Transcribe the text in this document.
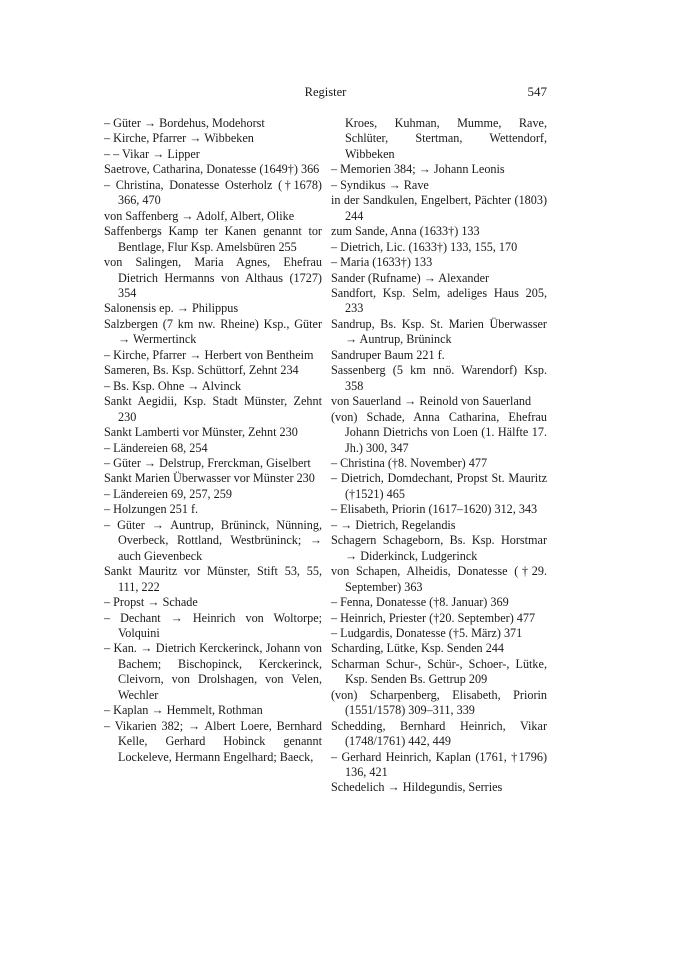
Register	547

– Güter → Bordehus, Modehorst

– Kirche, Pfarrer → Wibbeken

– – Vikar → Lipper

Saetrove, Catharina, Donatesse (1649†) 366

– Christina, Donatesse Osterholz (†1678) 366, 470

von Saffenberg → Adolf, Albert, Olike

Saffenbergs Kamp ter Kanen genannt tor Bentlage, Flur Ksp. Amelsbüren 255

von Salingen, Maria Agnes, Ehefrau Dietrich Hermanns von Althaus (1727) 354

Salonensis ep. → Philippus

Salzbergen (7 km nw. Rheine) Ksp., Güter → Wermertinck

– Kirche, Pfarrer → Herbert von Bentheim

Sameren, Bs. Ksp. Schüttorf, Zehnt 234

– Bs. Ksp. Ohne → Alvinck

Sankt Aegidii, Ksp. Stadt Münster, Zehnt 230

Sankt Lamberti vor Münster, Zehnt 230

– Ländereien 68, 254

– Güter → Delstrup, Frerckman, Giselbert

Sankt Marien Überwasser vor Münster 230

– Ländereien 69, 257, 259

– Holzungen 251 f.

– Güter → Auntrup, Brüninck, Nünning, Overbeck, Rottland, Westbrüninck; → auch Gievenbeck

Sankt Mauritz vor Münster, Stift 53, 55, 111, 222

– Propst → Schade

– Dechant → Heinrich von Woltorpe; Volquini

– Kan. → Dietrich Kerckerinck, Johann von Bachem; Bischopinck, Kerckerinck, Cleivorn, von Drolshagen, von Velen, Wechler

– Kaplan → Hemmelt, Rothman

– Vikarien 382; → Albert Loere, Bernhard Kelle, Gerhard Hobinck genannt Lockeleve, Hermann Engelhard; Baeck,

Kroes, Kuhman, Mumme, Rave, Schlüter, Stertman, Wettendorf, Wibbeken

– Memorien 384; → Johann Leonis

– Syndikus → Rave

in der Sandkulen, Engelbert, Pächter (1803) 244

zum Sande, Anna (1633†) 133

– Dietrich, Lic. (1633†) 133, 155, 170

– Maria (1633†) 133

Sander (Rufname) → Alexander

Sandfort, Ksp. Selm, adeliges Haus 205, 233

Sandrup, Bs. Ksp. St. Marien Überwasser → Auntrup, Brüninck

Sandruper Baum 221 f.

Sassenberg (5 km nnö. Warendorf) Ksp. 358

von Sauerland → Reinold von Sauerland

(von) Schade, Anna Catharina, Ehefrau Johann Dietrichs von Loen (1. Hälfte 17. Jh.) 300, 347

– Christina (†8. November) 477

– Dietrich, Domdechant, Propst St. Mauritz (†1521) 465

– Elisabeth, Priorin (1617–1620) 312, 343

– → Dietrich, Regelandis

Schagern Schageborn, Bs. Ksp. Horstmar → Diderkinck, Ludgerinck

von Schapen, Alheidis, Donatesse (†29. September) 363

– Fenna, Donatesse (†8. Januar) 369

– Heinrich, Priester (†20. September) 477

– Ludgardis, Donatesse (†5. März) 371

Scharding, Lütke, Ksp. Senden 244

Scharman Schur-, Schür-, Schoer-, Lütke, Ksp. Senden Bs. Gettrup 209

(von) Scharpenberg, Elisabeth, Priorin (1551/1578) 309–311, 339

Schedding, Bernhard Heinrich, Vikar (1748/1761) 442, 449

– Gerhard Heinrich, Kaplan (1761, †1796) 136, 421

Schedelich → Hildegundis, Serries
